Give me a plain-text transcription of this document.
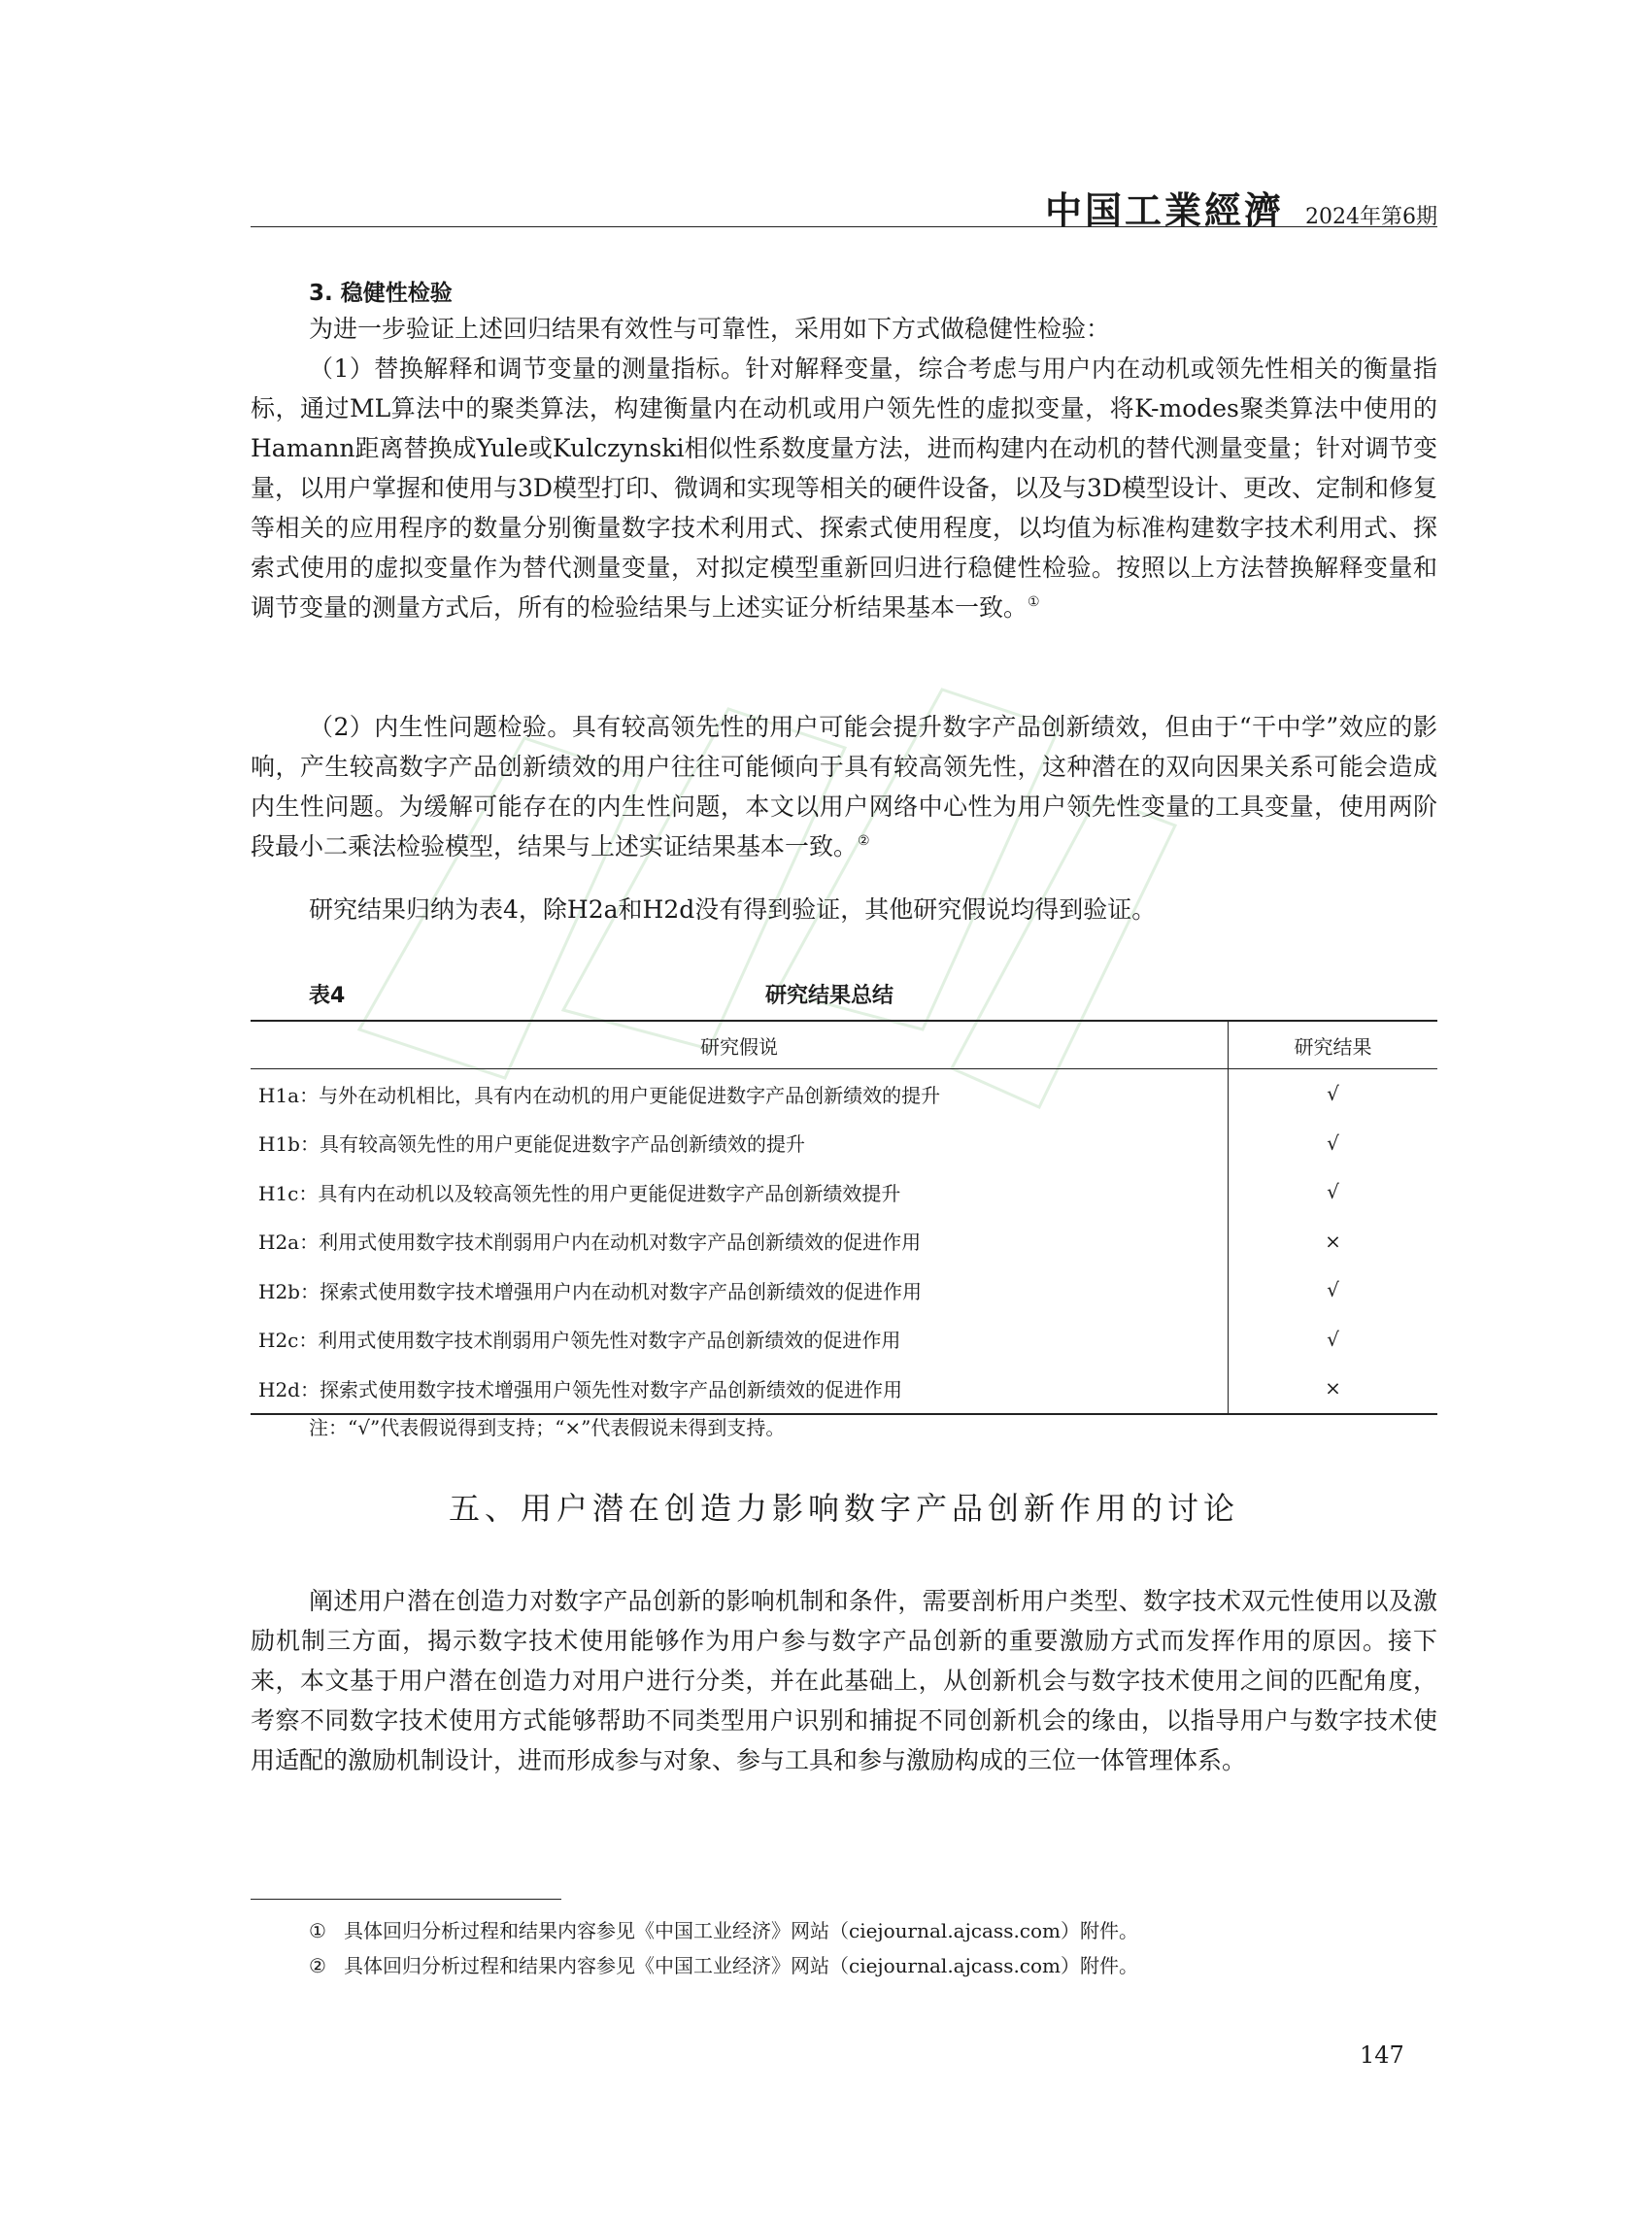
中国工業經濟 2024年第6期
3. 稳健性检验

为进一步验证上述回归结果有效性与可靠性，采用如下方式做稳健性检验：

（1）替换解释和调节变量的测量指标。针对解释变量，综合考虑与用户内在动机或领先性相关的衡量指标，通过ML算法中的聚类算法，构建衡量内在动机或用户领先性的虚拟变量，将K-modes聚类算法中使用的Hamann距离替换成Yule或Kulczynski相似性系数度量方法，进而构建内在动机的替代测量变量；针对调节变量，以用户掌握和使用与3D模型打印、微调和实现等相关的硬件设备，以及与3D模型设计、更改、定制和修复等相关的应用程序的数量分别衡量数字技术利用式、探索式使用程度，以均值为标准构建数字技术利用式、探索式使用的虚拟变量作为替代测量变量，对拟定模型重新回归进行稳健性检验。按照以上方法替换解释变量和调节变量的测量方式后，所有的检验结果与上述实证分析结果基本一致。①

（2）内生性问题检验。具有较高领先性的用户可能会提升数字产品创新绩效，但由于“干中学”效应的影响，产生较高数字产品创新绩效的用户往往可能倾向于具有较高领先性，这种潜在的双向因果关系可能会造成内生性问题。为缓解可能存在的内生性问题，本文以用户网络中心性为用户领先性变量的工具变量，使用两阶段最小二乘法检验模型，结果与上述实证结果基本一致。②

研究结果归纳为表4，除H2a和H2d没有得到验证，其他研究假说均得到验证。

表4	研究结果总结
研究假说	研究结果
H1a：与外在动机相比，具有内在动机的用户更能促进数字产品创新绩效的提升	√
H1b：具有较高领先性的用户更能促进数字产品创新绩效的提升	√
H1c：具有内在动机以及较高领先性的用户更能促进数字产品创新绩效提升	√
H2a：利用式使用数字技术削弱用户内在动机对数字产品创新绩效的促进作用	×
H2b：探索式使用数字技术增强用户内在动机对数字产品创新绩效的促进作用	√
H2c：利用式使用数字技术削弱用户领先性对数字产品创新绩效的促进作用	√
H2d：探索式使用数字技术增强用户领先性对数字产品创新绩效的促进作用	×
注：“√”代表假说得到支持；“×”代表假说未得到支持。
五、用户潜在创造力影响数字产品创新作用的讨论

阐述用户潜在创造力对数字产品创新的影响机制和条件，需要剖析用户类型、数字技术双元性使用以及激励机制三方面，揭示数字技术使用能够作为用户参与数字产品创新的重要激励方式而发挥作用的原因。接下来，本文基于用户潜在创造力对用户进行分类，并在此基础上，从创新机会与数字技术使用之间的匹配角度，考察不同数字技术使用方式能够帮助不同类型用户识别和捕捉不同创新机会的缘由，以指导用户与数字技术使用适配的激励机制设计，进而形成参与对象、参与工具和参与激励构成的三位一体管理体系。

① 具体回归分析过程和结果内容参见《中国工业经济》网站（ciejournal.ajcass.com）附件。
② 具体回归分析过程和结果内容参见《中国工业经济》网站（ciejournal.ajcass.com）附件。
147
